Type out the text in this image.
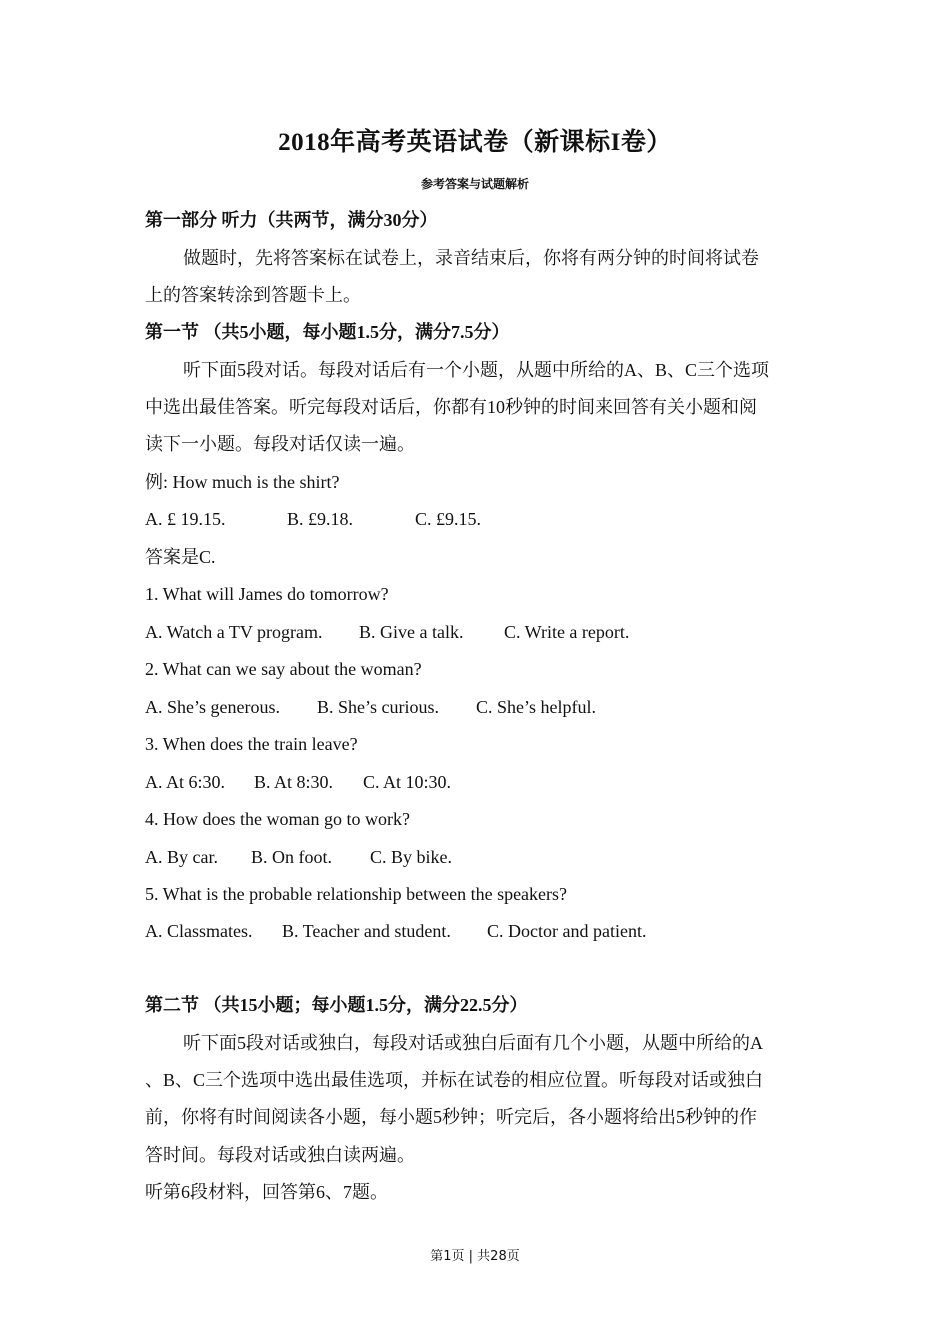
2018年高考英语试卷（新课标I卷）
参考答案与试题解析
第一部分 听力（共两节，满分30分）
做题时，先将答案标在试卷上，录音结束后，你将有两分钟的时间将试卷
上的答案转涂到答题卡上。
第一节 （共5小题，每小题1.5分，满分7.5分）
听下面5段对话。每段对话后有一个小题，从题中所给的A、B、C三个选项
中选出最佳答案。听完每段对话后，你都有10秒钟的时间来回答有关小题和阅
读下一小题。每段对话仅读一遍。
例: How much is the shirt?
A. £ 19.15.	B. £9.18.	C. £9.15.
答案是C.
1. What will James do tomorrow?
A. Watch a TV program. B. Give a talk. C. Write a report.
2. What can we say about the woman?
A. She’s generous. B. She’s curious. C. She’s helpful.
3. When does the train leave?
A. At 6:30. B. At 8:30. C. At 10:30.
4. How does the woman go to work?
A. By car. B. On foot. C. By bike.
5. What is the probable relationship between the speakers?
A. Classmates. B. Teacher and student. C. Doctor and patient.
第二节 （共15小题；每小题1.5分，满分22.5分）
听下面5段对话或独白，每段对话或独白后面有几个小题，从题中所给的A
、B、C三个选项中选出最佳选项，并标在试卷的相应位置。听每段对话或独白
前，你将有时间阅读各小题，每小题5秒钟；听完后，各小题将给出5秒钟的作
答时间。每段对话或独白读两遍。
听第6段材料，回答第6、7题。
第1页 | 共28页
